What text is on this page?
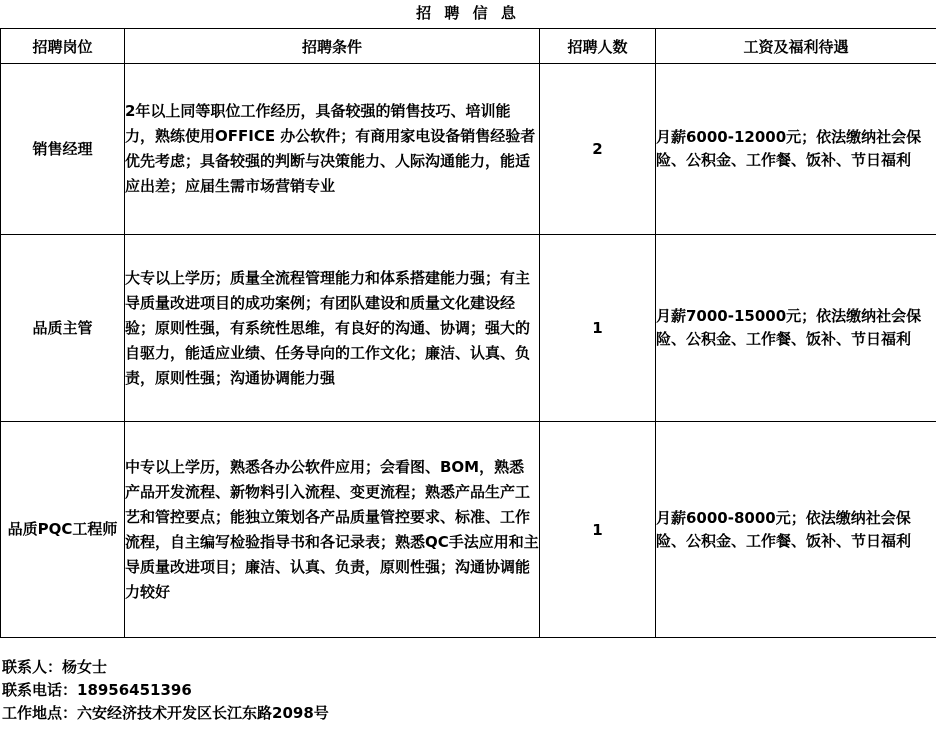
招 聘 信 息
招聘岗位	招聘条件	招聘人数	工资及福利待遇
销售经理	2年以上同等职位工作经历，具备较强的销售技巧、培训能力，熟练使用OFFICE 办公软件；有商用家电设备销售经验者优先考虑；具备较强的判断与决策能力、人际沟通能力，能适应出差；应届生需市场营销专业	2	月薪6000-12000元；依法缴纳社会保险、公积金、工作餐、饭补、节日福利
品质主管	大专以上学历；质量全流程管理能力和体系搭建能力强；有主导质量改进项目的成功案例；有团队建设和质量文化建设经验；原则性强，有系统性思维，有良好的沟通、协调；强大的自驱力，能适应业绩、任务导向的工作文化；廉洁、认真、负责，原则性强；沟通协调能力强	1	月薪7000-15000元；依法缴纳社会保险、公积金、工作餐、饭补、节日福利
品质PQC工程师	中专以上学历，熟悉各办公软件应用；会看图、BOM，熟悉产品开发流程、新物料引入流程、变更流程；熟悉产品生产工艺和管控要点；能独立策划各产品质量管控要求、标准、工作流程，自主编写检验指导书和各记录表；熟悉QC手法应用和主导质量改进项目；廉洁、认真、负责，原则性强；沟通协调能力较好	1	月薪6000-8000元；依法缴纳社会保险、公积金、工作餐、饭补、节日福利
联系人：杨女士
联系电话：18956451396
工作地点：六安经济技术开发区长江东路2098号
